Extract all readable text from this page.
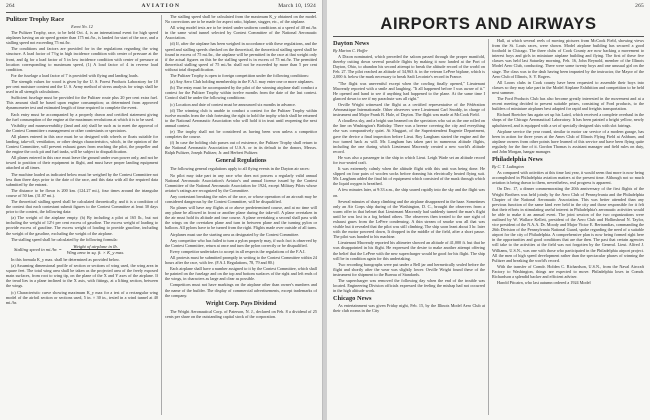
264	AVIATION	March 10, 1924
Pulitzer Trophy Race

Event No. 12

The Pulitzer Trophy, race, to be held Oct. 4, is an international event for high speed airplanes having an air speed greater than 175 mi./hr., is landed for start of the race, and a stalling speed not exceeding 75 mi./hr.

The conditions and factors are provided for in the regulations regarding the wing structure. A load factor of 7½g in high incidence condition with center of pressure at the front, and 4g for a load factor of 5 in low incidence condition with center of pressure at location corresponding to maximum speed, (1) A load factor of 4 in reverse load condition.

For the fuselage a load factor of 7 is provided with flying and landing loads.

The strength values for wood is given by the U. S. Forest Products Laboratory for 10 per cent moisture content and the U. S. Army method of stress analysis for wings shall be used in all strength calculations.

Sufficient fuselage must be provided for the Pulitzer route plus 20 per cent extra fuel. This amount shall be based upon engine consumption; as determined from approved dynamometer test and estimated length of time required to complete the event.

Each entry must be accompanied by a properly drawn and certified statement giving the fuel consumption of the engine at the maximum revolutions at which it is to be used.

Visibility and maneuverability (land and air) shall be such as to meet the approval of the Contest Committee s management or other contestants or spectators.

All planes entered in this race must be so designed with wheels or floats suitable for landing, take-off, ventilation, or other design characteristics, which, in the opinion of the Contest Committee, will prevent exhaust gases from reaching the pilot, the propeller and the engine the cock pit and fuel tanks, will be subject to disqualification.

All planes entered in this race must leave the ground under own power only, and not be towed to position of their equipment in flight, and must have proper landing equipment attached at all times.

The machine loaded as indicated below must be weighed by the Contest Committee not less than three days prior to the date of the race, and this data with all the required data submitted by the entrant.

The distance to be flown is 200 km. (124.27 mi.), four times around the triangular course of 50 km. (31.07 mi.).

The theoretical stalling speed shall be calculated theoretically, and it is a condition of the contest that each contestant submit figures to the Contest Committee at least 30 days prior to the contest, the following data:

(a) The weight of the airplane empty. (b) By including a pilot at 165 lb., but not including the weight of 12½ per cent excess of gasoline. The excess weight of loading to provide excess of gasoline. The excess weight of loading to provide gasoline, including the weight of the gasoline, excluding the weight of the airplane.

The stalling speed shall be calculated by the following formula:

Stalling speed in mi./hr. = $\frac{\text{Weight of airplane in lb.}}{\text{Wing area in sq. ft. × K\_y max.}}$

In this formula K_y max. shall be determined as provided below.

(a) Assuming dimensional profile of section or sections of wing used, the wing area in square feet. The total wing area shall be taken as the projected area of the freely exposed main surfaces, from root to wing tip, on the plane of the X and Y axes of the airplane. If the tread lies in a plane inclined to the X axis, with fittings, at a lifting section, between the wings.

(c) Characteristic curve showing maximum K_y max for a test of a rectangular wing model of the airfoil section or sections used, 5 in. × 30 in., tested in a wind tunnel at 40 mi./hr.

The stalling speed shall be calculated from the maximum K_y obtained on the model. No corrections are to be made for aspect ratio, biplane, stagger, etc., of the airplane.

All wing model tests are to be tested under uniform conditions at a speed of 40 mi./hr. in the same wind tunnel selected by Contest Committee of the National Aeronautic Association.

(d) If, after the airplane has been weighed in accordance with these regulations, and the speed and stalling speeds checked on the theoretical, the theoretical stalling speed shall be found in excess of 75 mi./hr., the airplane will be permitted in the race at that weight only if the actual figures on this be the stalling speed is in excess of 75 mi./hr. The permitted theoretical stalling speed of 75 mi./hr. shall not be exceeded by more than 5 per cent without total disqualification.

The Pulitzer Trophy is open to foreign competition under the following conditions:

(a) Any Aero Club holding membership in the F.A.I. may enter one or more airplanes.

(b) The entry must be accompanied by the pilot of the winning airplane shall conduct a contest for the Pulitzer Trophy within twelve months from the date of the last contest. Control shall be under the following conditions:

(c) Location and date of contest must be announced six months in advance.

(d) The winning club is unable to conduct a contest for the Pulitzer Trophy within twelve months from the club fortesting the right to hold the trophy which shall be returned to the National Aeronautic Association who will hold it in trust until reopening the next annual contest.

(e) The trophy shall not be considered as having been won unless a competitor completes the course.

(f) In case the holding club passes out of existence, the Pulitzer Trophy shall return to the National Aeronautic Association of U.S.A. or in its default to the donors, Messrs. Ralph Pulitzer, Joseph Pulitzer, Jr. and Herbert Pulitzer.

General Regulations

The following general regulations apply to all flying events in the Dayton air races:

No pilot may take part in any race who does not possess a regularly valid annual National Aeronautic Association's Aviator's and annual license issued by the Contest Committee of the National Aeronautic Association for 1924, except Military Pilots whose aviator's ratings are recognized by the Committee.

Any contestant breaking the rules of the race, or whose operation of an aircraft may be considered dangerous by the Contest Committee, will be disqualified.

No planes will have any flights at or above predetermined course, and at no time will any plane be allowed in front or another plane during the take-off. A plane overtaken in the air must hold its altitude and true course. A plane overtaking a second shall pass with the wings on the overtaken plane and turn in between plane and the turning pylon or balloon. All pylons have to be turned from the right. Flights made over outside of all turns.

Airplanes must use the starting area as designated by the Contest Committee.

Any competitor who has failed to turn a pylon properly may, if such fact is observed by the Contest Committee, return at once and turn the pylon correctly or be disqualified.

Every competitor undertakes to accept in all respects the regulations of the F.A.I.

All protests must be submitted promptly in writing to the Contest Committee within 24 hours after the race, with fee. (F.A.I. Regulations, 78, 79 and 80.)

Each airplane shall have a number assigned to it by the Contest Committee, which shall be painted on the fuselage and on the top and bottom surfaces of the right and left ends of the wings, in characters as large and clear as possible.

Competitors must not have markings on the airplane other than owner's numbers and the name of the builder. The display of commercial advertisements, except trademarks of the company.

Wright Corp. Pays Dividend

The Wright Aeronautical Corp. of Paterson, N. J., declared on Feb. 8 a dividend of 25 cents per share on the outstanding capital stock of the corporation.

265
AIRPORTS AND AIRWAYS
Dayton News

By Marion C. Hoffer

A Dixon nominated, which preceded the saloon passed through the proper manifold, thereby cutting down several possible flights by making it now landed at the Port of Dayton, Ohio, to abandon his second attempt to break the altitude record of the world on Feb. 27. The pilot reached an altitude of 34,963 ft. in the veteran LePere biplane, which is 2,000 ft. below the mark necessary to break Sadi Lecointe's record in France.

"The flight was uneventful except when the cowling finally opened," Lieutenant Macready reported with a smile and laughing. "It all happened before I was aware of it." He opened and hand to see if anything had happened to the plane. At the same time I glanced down to see if my parachute was all right."

Orville Wright witnessed the flight as a certified representative of the Fédération Aéronautique Internationale. Other observers were Lieutenant Carl Snoddy, in charge of instrument and Major Frank B. Hale, of Dayton. The flight was made at McCook Field.

A cloudless sky, and a bright sun beamed on the spectators who sat as the one rolled on the line on Washington's Birthday. There was a breeze covering the city and everything else was comparatively quiet. At Sluggart, of the Superintendent Eugenie Department, gave the device a final inspection before Lieut. Roy Langham started the engine and the two turned back as will. Mr. Langham has taken part in numerous altitude flights, including the one during which Lieutenant Macready created a new world's altitude record.

He was also a passenger in the ship in which Lieut. Leigh Wade set an altitude record for two-seated craft.

It was extremely calmly when the altitude flight with this unit was being done. He slipped on four pairs of woolen socks before donning his electrically heated flying suit. Mr. Langham added the final bit of equipment which consisted of the mask through which the liquid oxygen is breathed.

A few minutes later, at 9:33 a.m., the ship soared rapidly into the sky and the flight was on.

Several minutes of sharp climbing and the airplane disappeared in the haze. Sometimes only an Air Corps ship during of the Washington, D. C., brought the observers from a warm offer in that helmet that Lieutenant Macready had suddenly turned the man's flight until he was lost in a fog behind others. The observers then treated to the rare sight of exhaust gases from the LePere condensing. A thin stream of smoke was all that was visible but it revealed that the pilot was still climbing. The ship soon leant about 3 hr. later with the motor powered down, It dropped in the middle of the field, after a short pause. The pilot was handed to his machine.

Lieutenant Macready reported his altimeter showed an altitude of 41,000 ft. but that he was disappointed in his flight. He expressed the desire to make another attempt offering the belief that the LePere with the new supercharger would be good for his flight. The ship will be in condition again for this undertaking.

Two recording barographs were put under a Bell jar and hermetically sealed before the flight and shortly after the wear was slightly lower. Orville Wright found these of the instrument for shipment to the Bureau of Standards.

The supercharger was removed the following day when the end of the trouble was located. Engineering Division officials expressed the feeling the mishap had not occurred in the high altitude work.

Chicago News

As entertainment was given Friday night, Feb. 15, by the Illinois Model Aero Club at their club rooms in the City

Hall, at which several reels of moving pictures from McCook Field, showing views from the St. Louis races, were shown. Model airplane building has secured a good foothold in Chicago. The three clubs of Cook County are now backing a movement to interest boys and girls in miniature airplane building and flying. The first of these five classes was held last Saturday morning, Feb. 16, John Reynold, member of the Illinois Model Aero Club, conducting. There were some twenty boys and one unusual girl on the stage. The class was to the dash having been imparted by the instructor, the Mayor of the Aero Club of Illinois, S. Y. Rogers.

All Loons clubs in Cook county have been requested to assemble their boys into classes so they may take part in the Model Airplane Exhibition and competition to be held next summer.

The Ford Products Club has also become greatly interested in the movement and at a recent meeting decided to present suitable prizes, consisting of Ford products, to the builders of miniature airplanes best adapted for rapid and freights transportation.

Richard Boetcher has again set up his Laird, which received a complete overhaul in the shops of the Chicago Aeronautical Laboratory. It has been painted a bright yellow, newly upholstered, and is equipped with a set of specially designed skis with slot fairings.

Airplane service the year round, similar to motor car service of a modern garage, has been in action for three years at the Ames Club of Illinois Flying Field at Ashburn, and airplane owners from other points have learned of this service and have been flying quite regularly for the fine of it. Gordon Thomas is assistant manager and field rules on duty, and John Morgan, hangar manager.

Philadelphia News

By C. T. Ludington

As compared with activities at this time last year, it would seem that more is now being accomplished in Philadelphia aviation matters at the present time. Although not so much aviation is being drawn to them, nevertheless, real progress is apparent.

On Dec. 17, a dinner commemorating the 20th anniversary of the first flights of the Wright Brothers was held jointly by the Aero Club of Pennsylvania and the Philadelphia Chapter of the National Aeronautic Association. This was better attended than any previous function of the same kind ever held in the city and those responsible for it felt that their efforts in stimulating useful interest in Philadelphia's aeronautic activities would be able to make it an annual event. The joint session of the two organizations were outlined by W. Wallace Kellett, president of the Aero Club and Hollinshead N. Taylor, vice president of the N.A.A. Dr. Moody and Major Victor E. Bertrandias, commanding the 26th Division of the Pennsylvania National Guard, spoke regarding the need of a suitable airport for the city of Philadelphia. A comprehensive plan is now being formed right here in the opportunities and good conditions that are due then. The past that certain agencies will take to the activities at the field was not forgotten by the General. Lieut. Alfred J. Williams, U.S.N., was one with those who participated in the Philadelphia airport project. All the men of high speed development rather than the spectacular phases of winning the Pulitzer and breaking the world's record.

With the transfer of Comdr. Holden C. Richardson, U.S.N., from the Naval Aircraft Factory to Washington, things are expected to move. Philadelphia loses in Comdr. Richardson a splendid backer and efficient adviser.

Harold Pitcairn, who last autumn ordered a 1924 Model
